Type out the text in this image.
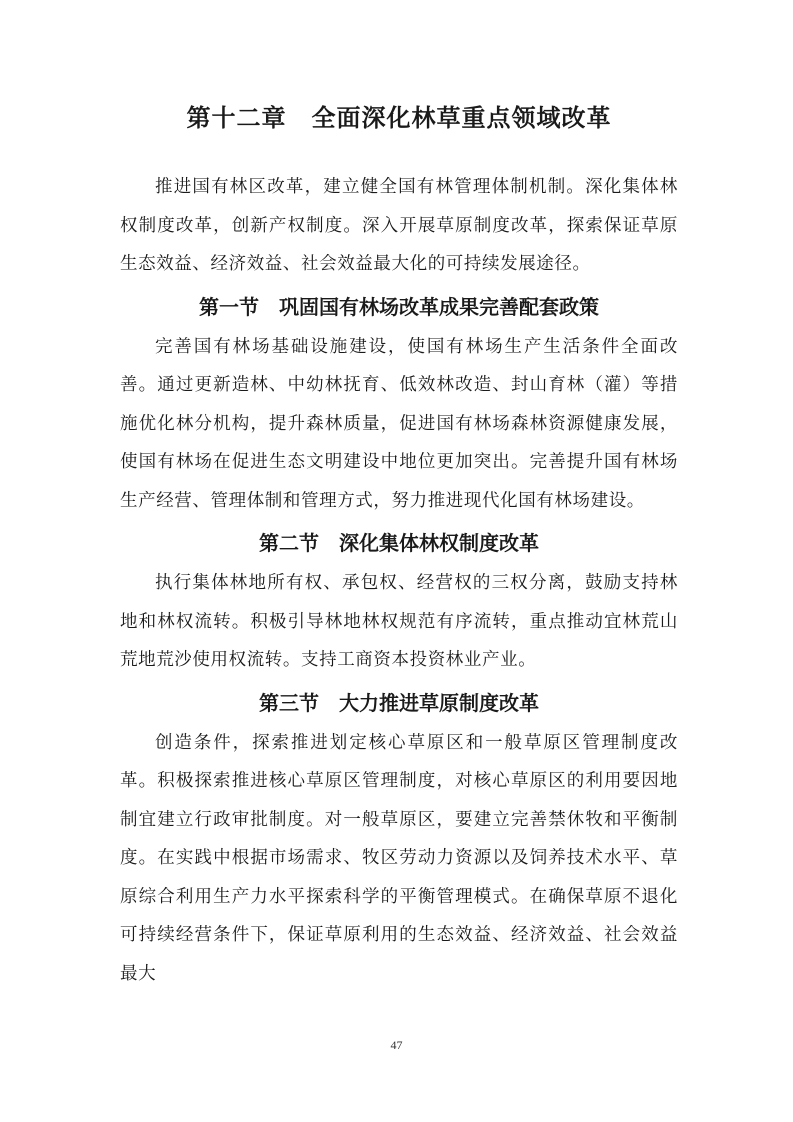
第十二章　全面深化林草重点领域改革

推进国有林区改革，建立健全国有林管理体制机制。深化集体林权制度改革，创新产权制度。深入开展草原制度改革，探索保证草原生态效益、经济效益、社会效益最大化的可持续发展途径。

第一节　巩固国有林场改革成果完善配套政策

完善国有林场基础设施建设，使国有林场生产生活条件全面改善。通过更新造林、中幼林抚育、低效林改造、封山育林（灌）等措施优化林分机构，提升森林质量，促进国有林场森林资源健康发展，使国有林场在促进生态文明建设中地位更加突出。完善提升国有林场生产经营、管理体制和管理方式，努力推进现代化国有林场建设。

第二节　深化集体林权制度改革

执行集体林地所有权、承包权、经营权的三权分离，鼓励支持林地和林权流转。积极引导林地林权规范有序流转，重点推动宜林荒山荒地荒沙使用权流转。支持工商资本投资林业产业。

第三节　大力推进草原制度改革

创造条件，探索推进划定核心草原区和一般草原区管理制度改革。积极探索推进核心草原区管理制度，对核心草原区的利用要因地制宜建立行政审批制度。对一般草原区，要建立完善禁休牧和平衡制度。在实践中根据市场需求、牧区劳动力资源以及饲养技术水平、草原综合利用生产力水平探索科学的平衡管理模式。在确保草原不退化可持续经营条件下，保证草原利用的生态效益、经济效益、社会效益最大

47
